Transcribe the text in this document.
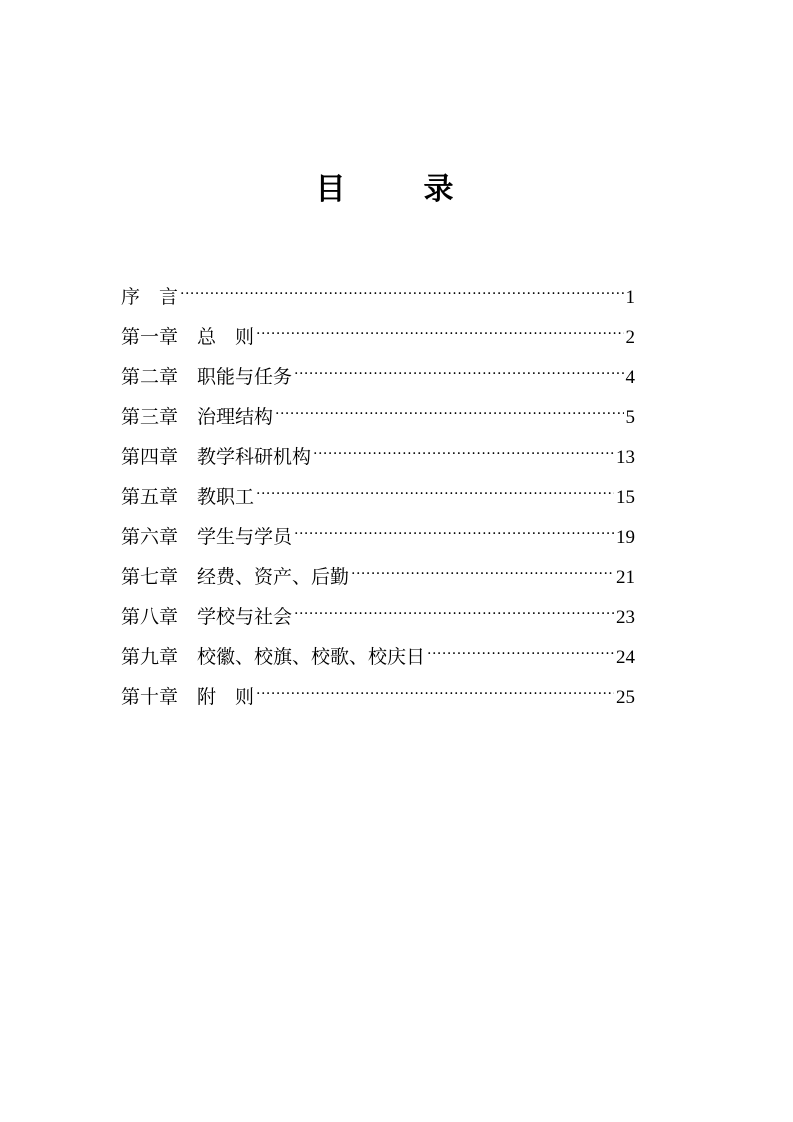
目　录
序　言 .....	1
第一章 总　则 .....	2
第二章 职能与任务 .....	4
第三章 治理结构 .....	5
第四章 教学科研机构 .....	13
第五章 教职工 .....	15
第六章 学生与学员 .....	19
第七章 经费、资产、后勤 .....	21
第八章 学校与社会 .....	23
第九章 校徽、校旗、校歌、校庆日 .....	24
第十章 附　则 .....	25
